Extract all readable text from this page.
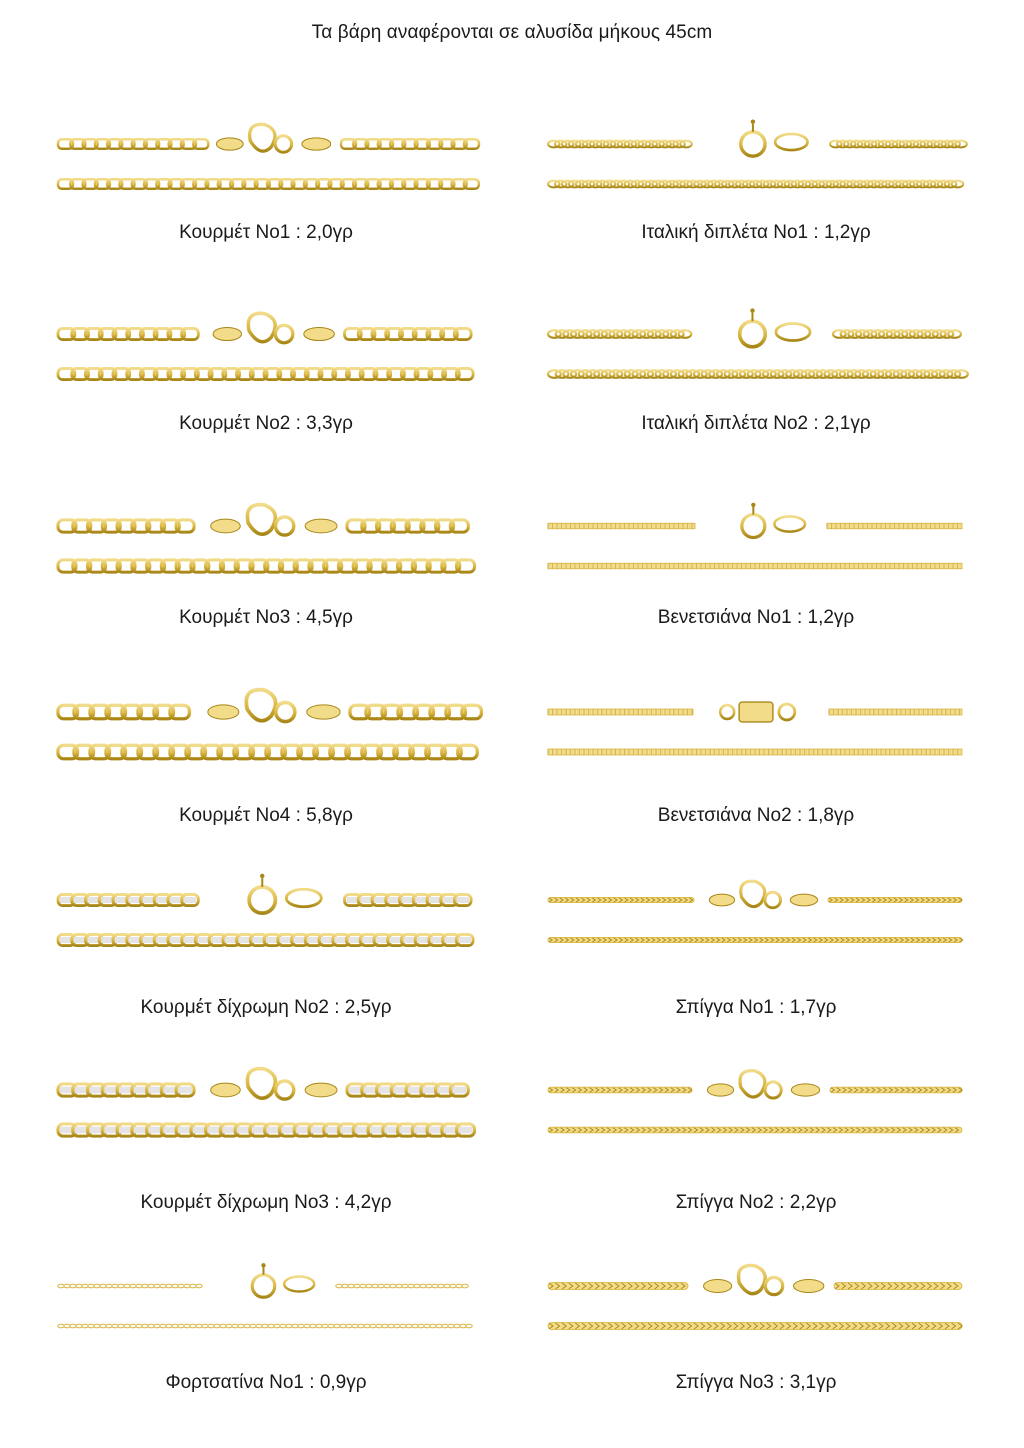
Τα βάρη αναφέρονται σε αλυσίδα μήκους 45cm
Κουρμέτ Νο1 : 2,0γρ	Ιταλική διπλέτα Νο1 : 1,2γρ
Κουρμέτ Νο2 : 3,3γρ	Ιταλική διπλέτα Νο2 : 2,1γρ
Κουρμέτ Νο3 : 4,5γρ	Βενετσιάνα Νο1 : 1,2γρ
Κουρμέτ Νο4 : 5,8γρ	Βενετσιάνα Νο2 : 1,8γρ
Κουρμέτ δίχρωμη Νο2 : 2,5γρ	Σπίγγα Νο1 : 1,7γρ
Κουρμέτ δίχρωμη Νο3 : 4,2γρ	Σπίγγα Νο2 : 2,2γρ
Φορτσατίνα Νο1 : 0,9γρ	Σπίγγα Νο3 : 3,1γρ
